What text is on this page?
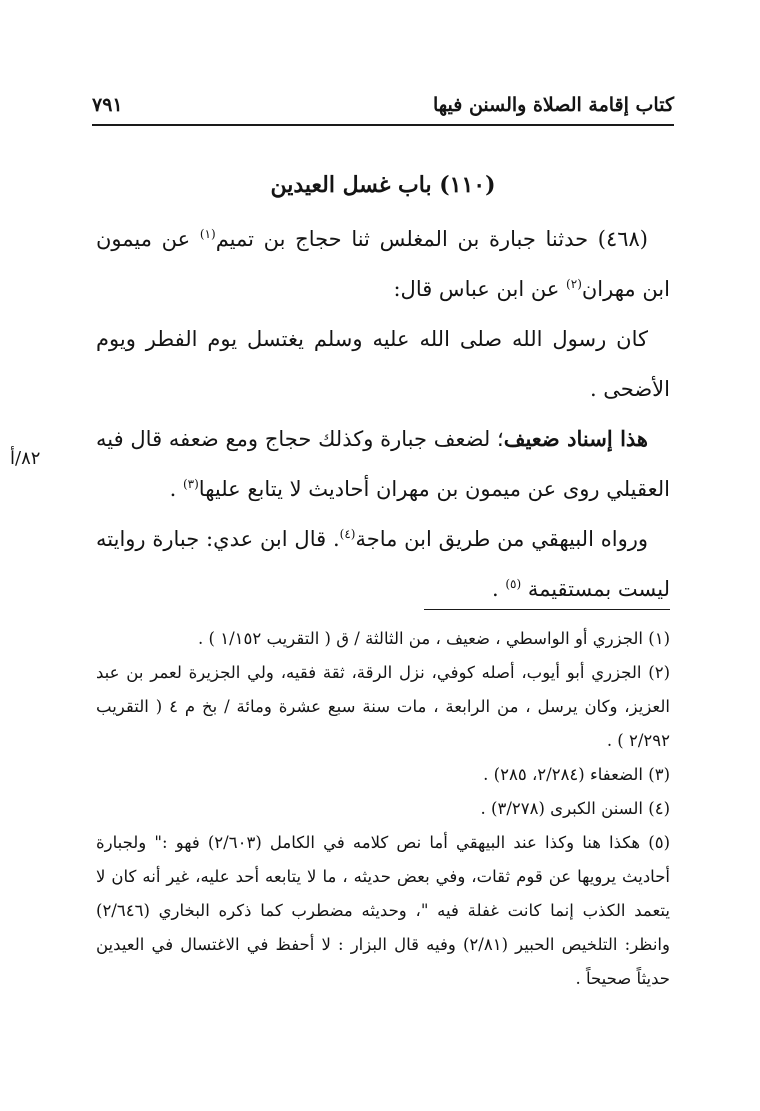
كتاب إقامة الصلاة والسنن فيها
٧٩١
(١١٠) باب غسل العيدين

(٤٦٨) حدثنا جبارة بن المغلس ثنا حجاج بن تميم$^{(١)}$ عن ميمون ابن مهران$^{(٢)}$ عن ابن عباس قال:

كان رسول الله صلى الله عليه وسلم يغتسل يوم الفطر ويوم الأضحى .

هذا إسناد ضعيف؛ لضعف جبارة وكذلك حجاج ومع ضعفه قال فيه العقيلي روى عن ميمون بن مهران أحاديث لا يتابع عليها$^{(٣)}$ .

ورواه البيهقي من طريق ابن ماجة$^{(٤)}$. قال ابن عدي: جبارة روايته ليست بمستقيمة $^{(٥)}$ .

٨٢/أ

(١) الجزري أو الواسطي ، ضعيف ، من الثالثة / ق ( التقريب ١/١٥٢ ) .

(٢) الجزري أبو أيوب، أصله كوفي، نزل الرقة، ثقة فقيه، ولي الجزيرة لعمر بن عبد العزيز، وكان يرسل ، من الرابعة ، مات سنة سبع عشرة ومائة / بخ م ٤ ( التقريب ٢/٢٩٢ ) .

(٣) الضعفاء (٢/٢٨٤، ٢٨٥) .

(٤) السنن الكبرى (٣/٢٧٨) .

(٥) هكذا هنا وكذا عند البيهقي أما نص كلامه في الكامل (٢/٦٠٣) فهو :" ولجبارة أحاديث يرويها عن قوم ثقات، وفي بعض حديثه ، ما لا يتابعه أحد عليه، غير أنه كان لا يتعمد الكذب إنما كانت غفلة فيه "، وحديثه مضطرب كما ذكره البخاري (٢/٦٤٦) وانظر: التلخيص الحبير (٢/٨١) وفيه قال البزار : لا أحفظ في الاغتسال في العيدين حديثاً صحيحاً .
